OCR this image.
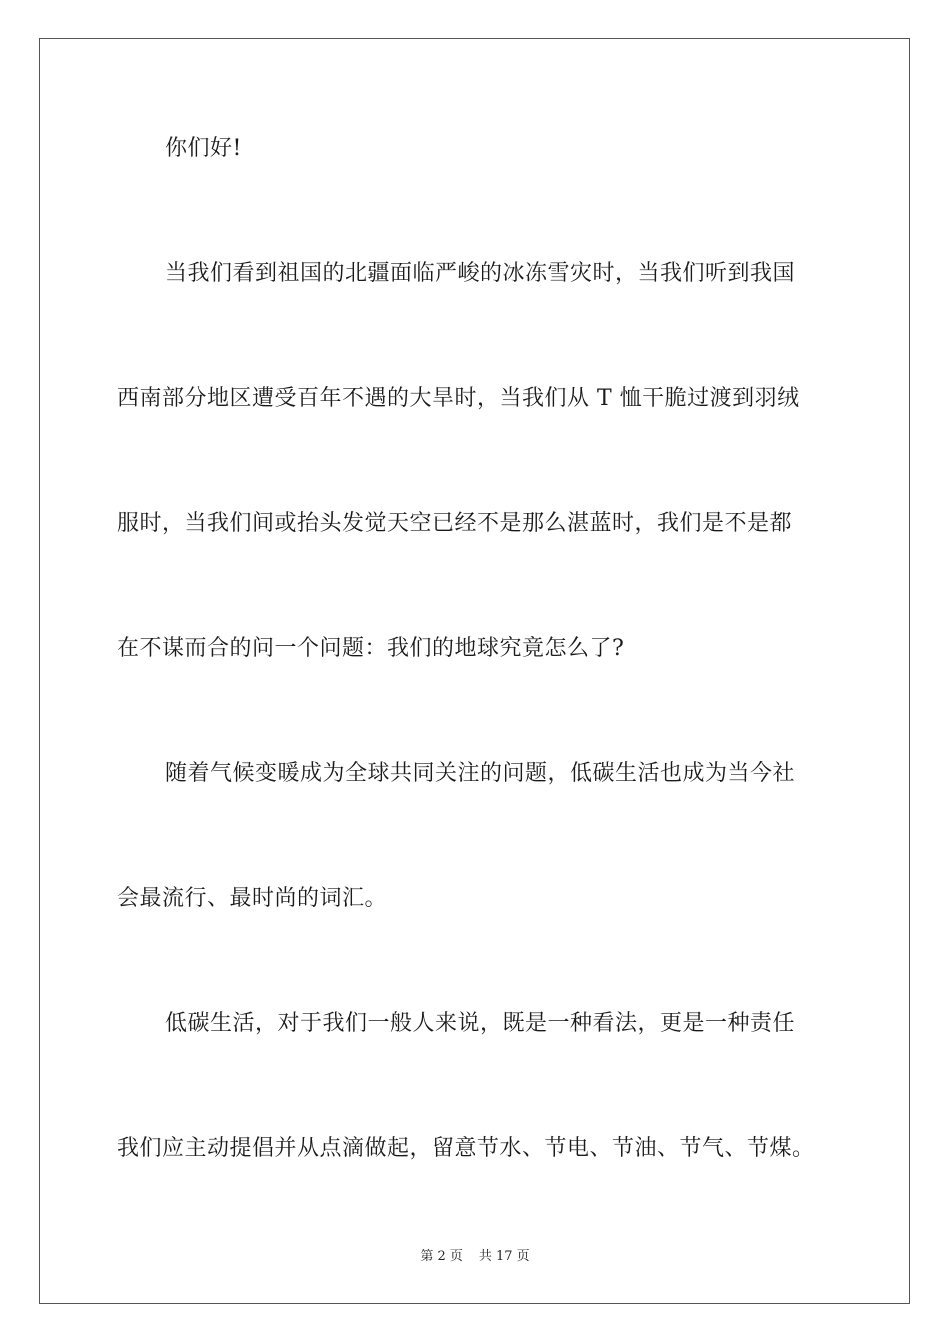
你们好!
当我们看到祖国的北疆面临严峻的冰冻雪灾时，当我们听到我国
西南部分地区遭受百年不遇的大旱时，当我们从 T 恤干脆过渡到羽绒
服时，当我们间或抬头发觉天空已经不是那么湛蓝时，我们是不是都
在不谋而合的问一个问题：我们的地球究竟怎么了?
随着气候变暖成为全球共同关注的问题，低碳生活也成为当今社
会最流行、最时尚的词汇。
低碳生活，对于我们一般人来说，既是一种看法，更是一种责任
我们应主动提倡并从点滴做起，留意节水、节电、节油、节气、节煤。
第 2 页 共 17 页
